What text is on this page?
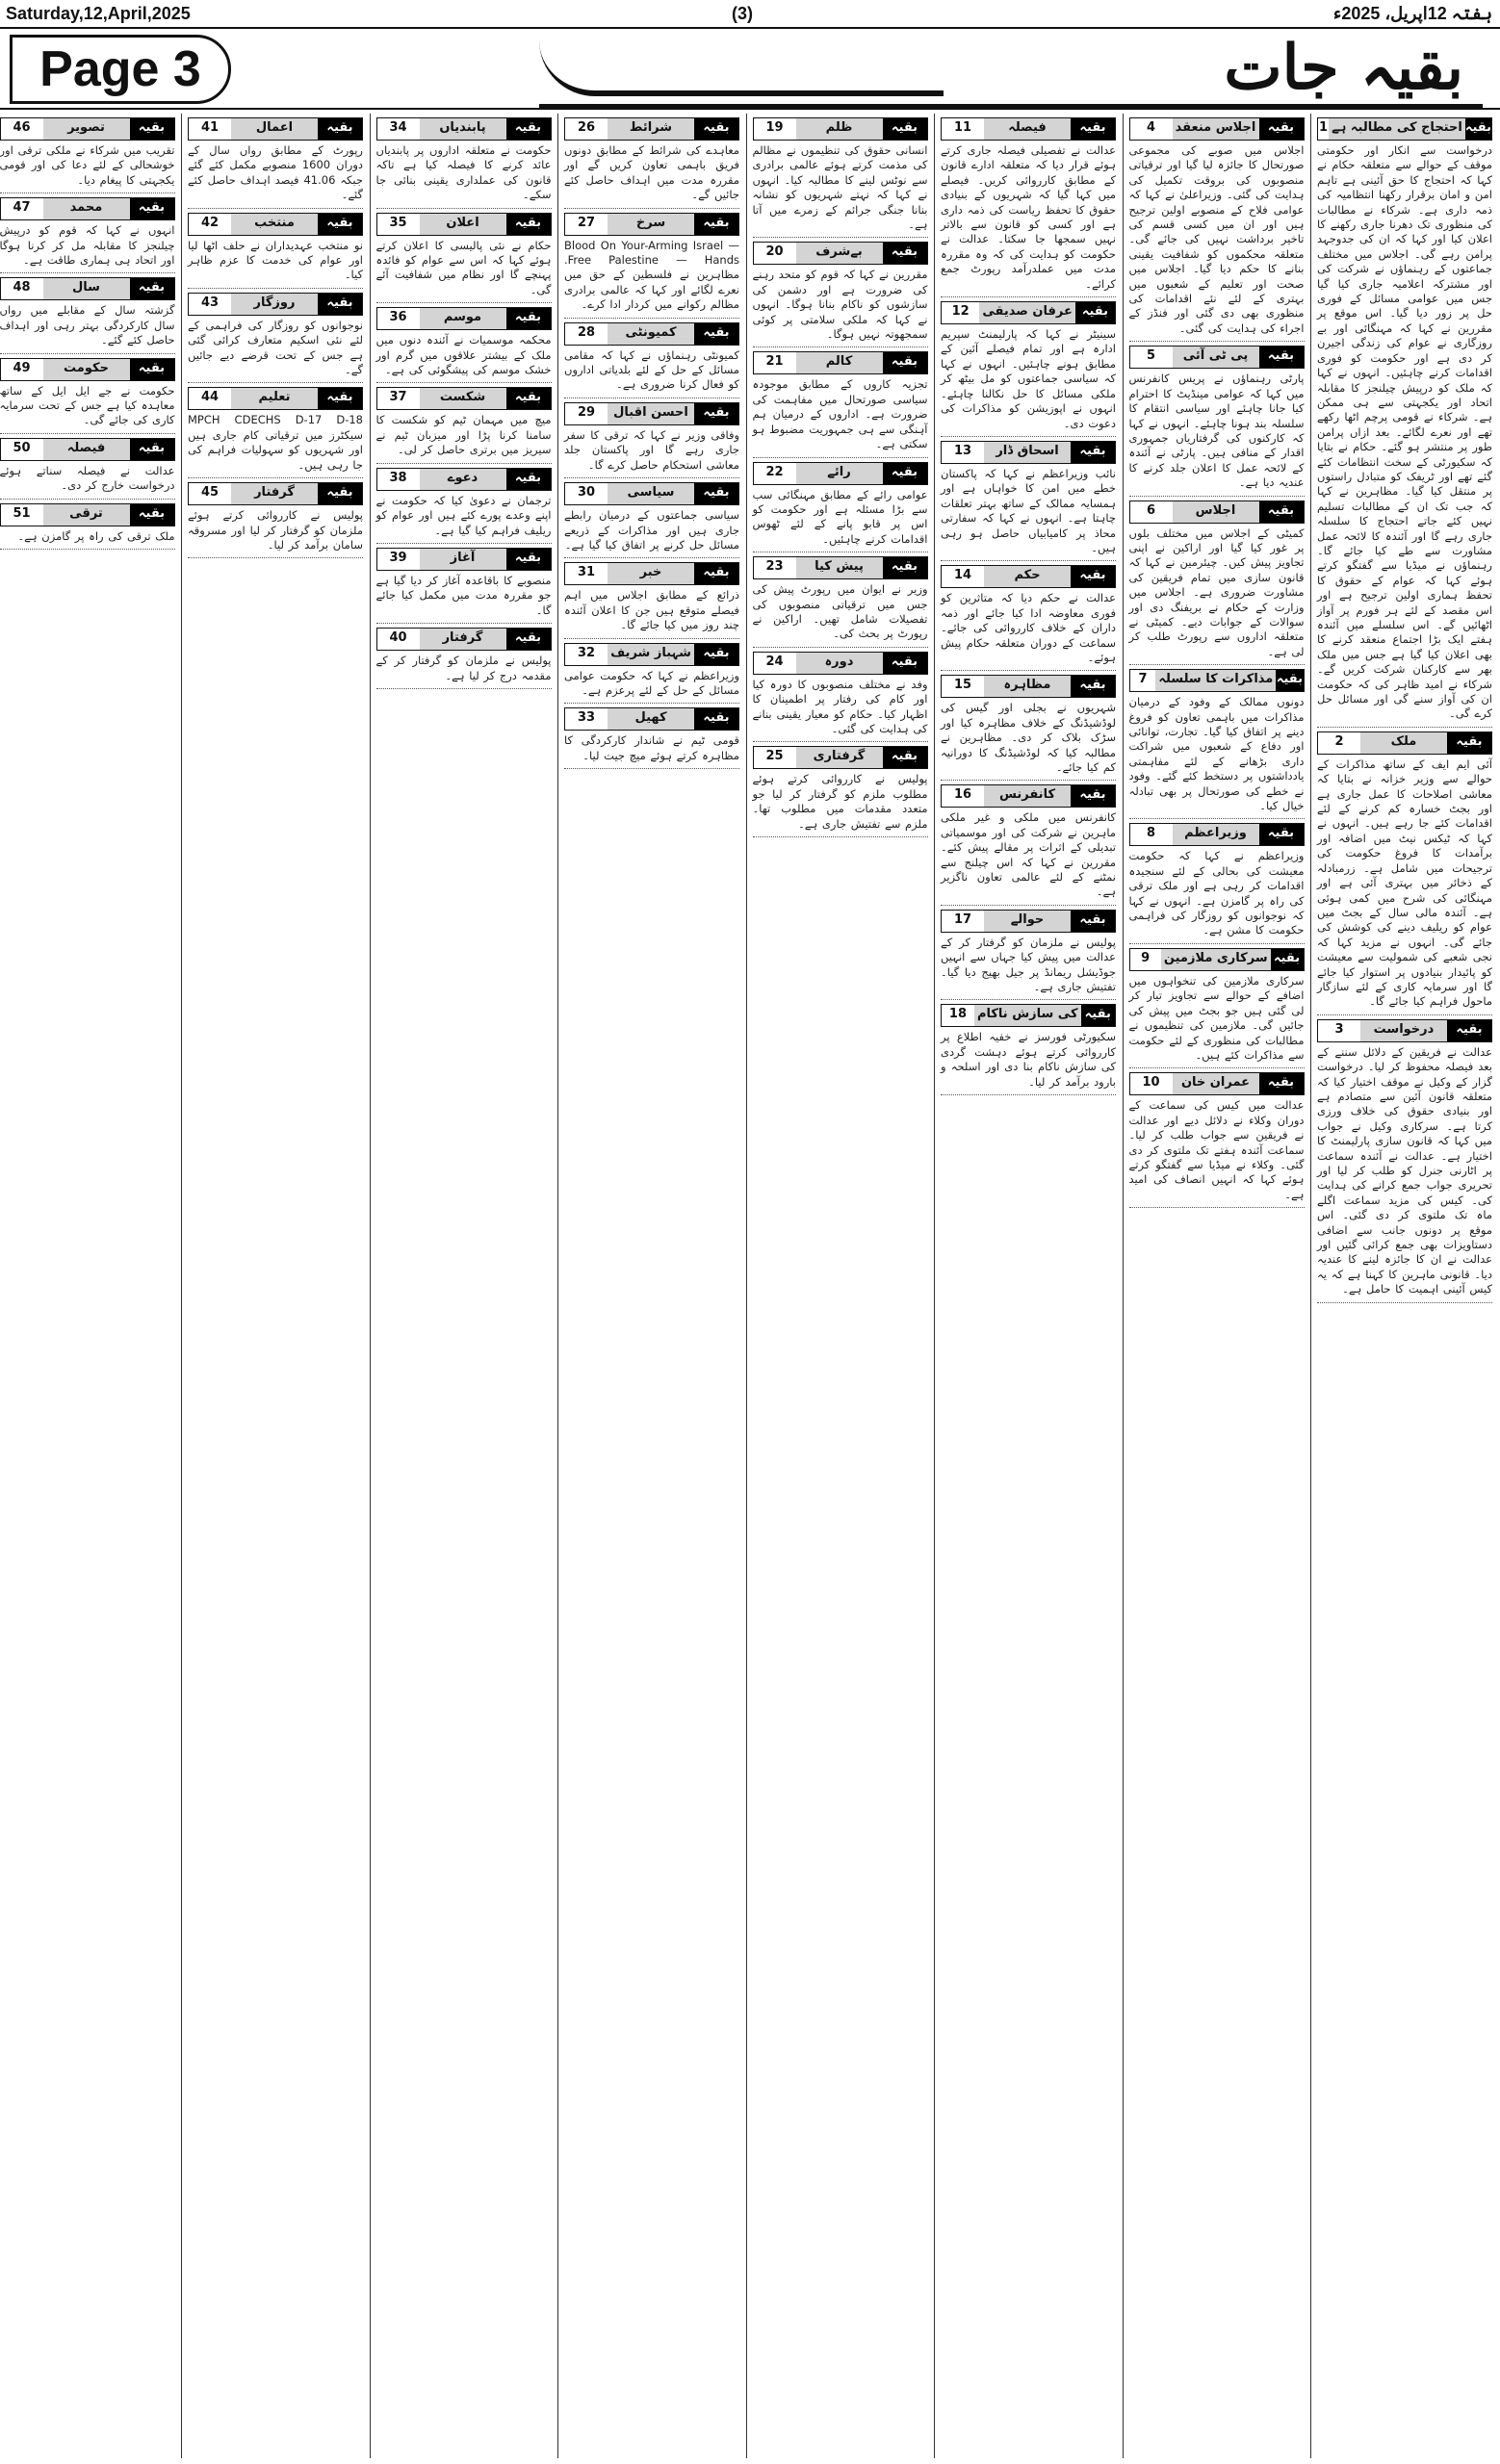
Saturday,12,April,2025	(3)	ہفتہ 12اپریل، 2025ء
Page 3	بقیہ جات
1 احتجاج کی مطالبہ ہے بقیہ

درخواست سے انکار اور حکومتی موقف کے حوالے سے متعلقہ حکام نے کہا کہ احتجاج کا حق آئینی ہے تاہم امن و امان برقرار رکھنا انتظامیہ کی ذمہ داری ہے۔ شرکاء نے مطالبات کی منظوری تک دھرنا جاری رکھنے کا اعلان کیا اور کہا کہ ان کی جدوجہد پرامن رہے گی۔ اجلاس میں مختلف جماعتوں کے رہنماؤں نے شرکت کی اور مشترکہ اعلامیہ جاری کیا گیا جس میں عوامی مسائل کے فوری حل پر زور دیا گیا۔ اس موقع پر مقررین نے کہا کہ مہنگائی اور بے روزگاری نے عوام کی زندگی اجیرن کر دی ہے اور حکومت کو فوری اقدامات کرنے چاہئیں۔ انہوں نے کہا کہ ملک کو درپیش چیلنجز کا مقابلہ اتحاد اور یکجہتی سے ہی ممکن ہے۔ شرکاء نے قومی پرچم اٹھا رکھے تھے اور نعرے لگائے۔ بعد ازاں پرامن طور پر منتشر ہو گئے۔ حکام نے بتایا کہ سکیورٹی کے سخت انتظامات کئے گئے تھے اور ٹریفک کو متبادل راستوں پر منتقل کیا گیا۔ مظاہرین نے کہا کہ جب تک ان کے مطالبات تسلیم نہیں کئے جاتے احتجاج کا سلسلہ جاری رہے گا اور آئندہ کا لائحہ عمل مشاورت سے طے کیا جائے گا۔ رہنماؤں نے میڈیا سے گفتگو کرتے ہوئے کہا کہ عوام کے حقوق کا تحفظ ہماری اولین ترجیح ہے اور اس مقصد کے لئے ہر فورم پر آواز اٹھائیں گے۔ اس سلسلے میں آئندہ ہفتے ایک بڑا اجتماع منعقد کرنے کا بھی اعلان کیا گیا ہے جس میں ملک بھر سے کارکنان شرکت کریں گے۔ شرکاء نے امید ظاہر کی کہ حکومت ان کی آواز سنے گی اور مسائل حل کرے گی۔

2	ملک	بقیہ

آئی ایم ایف کے ساتھ مذاکرات کے حوالے سے وزیر خزانہ نے بتایا کہ معاشی اصلاحات کا عمل جاری ہے اور بجٹ خسارہ کم کرنے کے لئے اقدامات کئے جا رہے ہیں۔ انہوں نے کہا کہ ٹیکس نیٹ میں اضافہ اور برآمدات کا فروغ حکومت کی ترجیحات میں شامل ہے۔ زرمبادلہ کے ذخائر میں بہتری آئی ہے اور مہنگائی کی شرح میں کمی ہوئی ہے۔ آئندہ مالی سال کے بجٹ میں عوام کو ریلیف دینے کی کوشش کی جائے گی۔ انہوں نے مزید کہا کہ نجی شعبے کی شمولیت سے معیشت کو پائیدار بنیادوں پر استوار کیا جائے گا اور سرمایہ کاری کے لئے سازگار ماحول فراہم کیا جائے گا۔

3	درخواست	بقیہ

عدالت نے فریقین کے دلائل سننے کے بعد فیصلہ محفوظ کر لیا۔ درخواست گزار کے وکیل نے موقف اختیار کیا کہ متعلقہ قانون آئین سے متصادم ہے اور بنیادی حقوق کی خلاف ورزی کرتا ہے۔ سرکاری وکیل نے جواب میں کہا کہ قانون سازی پارلیمنٹ کا اختیار ہے۔ عدالت نے آئندہ سماعت پر اٹارنی جنرل کو طلب کر لیا اور تحریری جواب جمع کرانے کی ہدایت کی۔ کیس کی مزید سماعت اگلے ماہ تک ملتوی کر دی گئی۔ اس موقع پر دونوں جانب سے اضافی دستاویزات بھی جمع کرائی گئیں اور عدالت نے ان کا جائزہ لینے کا عندیہ دیا۔ قانونی ماہرین کا کہنا ہے کہ یہ کیس آئینی اہمیت کا حامل ہے۔

4	اجلاس منعقد بقیہ

اجلاس میں صوبے کی مجموعی صورتحال کا جائزہ لیا گیا اور ترقیاتی منصوبوں کی بروقت تکمیل کی ہدایت کی گئی۔ وزیراعلیٰ نے کہا کہ عوامی فلاح کے منصوبے اولین ترجیح ہیں اور ان میں کسی قسم کی تاخیر برداشت نہیں کی جائے گی۔ متعلقہ محکموں کو شفافیت یقینی بنانے کا حکم دیا گیا۔ اجلاس میں صحت اور تعلیم کے شعبوں میں بہتری کے لئے نئے اقدامات کی منظوری بھی دی گئی اور فنڈز کے اجراء کی ہدایت کی گئی۔

5	پی ٹی آئی	بقیہ

پارٹی رہنماؤں نے پریس کانفرنس میں کہا کہ عوامی مینڈیٹ کا احترام کیا جانا چاہئے اور سیاسی انتقام کا سلسلہ بند ہونا چاہئے۔ انہوں نے کہا کہ کارکنوں کی گرفتاریاں جمہوری اقدار کے منافی ہیں۔ پارٹی نے آئندہ کے لائحہ عمل کا اعلان جلد کرنے کا عندیہ دیا ہے۔

6	اجلاس	بقیہ

کمیٹی کے اجلاس میں مختلف بلوں پر غور کیا گیا اور اراکین نے اپنی تجاویز پیش کیں۔ چیئرمین نے کہا کہ قانون سازی میں تمام فریقین کی مشاورت ضروری ہے۔ اجلاس میں وزارت کے حکام نے بریفنگ دی اور سوالات کے جوابات دیے۔ کمیٹی نے متعلقہ اداروں سے رپورٹ طلب کر لی ہے۔

7 مذاکرات کا سلسلہ بقیہ

دونوں ممالک کے وفود کے درمیان مذاکرات میں باہمی تعاون کو فروغ دینے پر اتفاق کیا گیا۔ تجارت، توانائی اور دفاع کے شعبوں میں شراکت داری بڑھانے کے لئے مفاہمتی یادداشتوں پر دستخط کئے گئے۔ وفود نے خطے کی صورتحال پر بھی تبادلہ خیال کیا۔

8	وزیراعظم	بقیہ

وزیراعظم نے کہا کہ حکومت معیشت کی بحالی کے لئے سنجیدہ اقدامات کر رہی ہے اور ملک ترقی کی راہ پر گامزن ہے۔ انہوں نے کہا کہ نوجوانوں کو روزگار کی فراہمی حکومت کا مشن ہے۔

9	سرکاری ملازمین بقیہ

سرکاری ملازمین کی تنخواہوں میں اضافے کے حوالے سے تجاویز تیار کر لی گئی ہیں جو بجٹ میں پیش کی جائیں گی۔ ملازمین کی تنظیموں نے مطالبات کی منظوری کے لئے حکومت سے مذاکرات کئے ہیں۔

10	عمران خان	بقیہ

عدالت میں کیس کی سماعت کے دوران وکلاء نے دلائل دیے اور عدالت نے فریقین سے جواب طلب کر لیا۔ سماعت آئندہ ہفتے تک ملتوی کر دی گئی۔ وکلاء نے میڈیا سے گفتگو کرتے ہوئے کہا کہ انہیں انصاف کی امید ہے۔

11	فیصلہ	بقیہ

عدالت نے تفصیلی فیصلہ جاری کرتے ہوئے قرار دیا کہ متعلقہ ادارے قانون کے مطابق کارروائی کریں۔ فیصلے میں کہا گیا کہ شہریوں کے بنیادی حقوق کا تحفظ ریاست کی ذمہ داری ہے اور کسی کو قانون سے بالاتر نہیں سمجھا جا سکتا۔ عدالت نے حکومت کو ہدایت کی کہ وہ مقررہ مدت میں عملدرآمد رپورٹ جمع کرائے۔

12	عرفان صدیقی بقیہ

سینیٹر نے کہا کہ پارلیمنٹ سپریم ادارہ ہے اور تمام فیصلے آئین کے مطابق ہونے چاہئیں۔ انہوں نے کہا کہ سیاسی جماعتوں کو مل بیٹھ کر ملکی مسائل کا حل نکالنا چاہئے۔ انہوں نے اپوزیشن کو مذاکرات کی دعوت دی۔

13	اسحاق ڈار	بقیہ

نائب وزیراعظم نے کہا کہ پاکستان خطے میں امن کا خواہاں ہے اور ہمسایہ ممالک کے ساتھ بہتر تعلقات چاہتا ہے۔ انہوں نے کہا کہ سفارتی محاذ پر کامیابیاں حاصل ہو رہی ہیں۔

14	حکم	بقیہ

عدالت نے حکم دیا کہ متاثرین کو فوری معاوضہ ادا کیا جائے اور ذمہ داران کے خلاف کارروائی کی جائے۔ سماعت کے دوران متعلقہ حکام پیش ہوئے۔

15	مظاہرہ	بقیہ

شہریوں نے بجلی اور گیس کی لوڈشیڈنگ کے خلاف مظاہرہ کیا اور سڑک بلاک کر دی۔ مظاہرین نے مطالبہ کیا کہ لوڈشیڈنگ کا دورانیہ کم کیا جائے۔

16	کانفرنس	بقیہ

کانفرنس میں ملکی و غیر ملکی ماہرین نے شرکت کی اور موسمیاتی تبدیلی کے اثرات پر مقالے پیش کئے۔ مقررین نے کہا کہ اس چیلنج سے نمٹنے کے لئے عالمی تعاون ناگزیر ہے۔

17	حوالے	بقیہ

پولیس نے ملزمان کو گرفتار کر کے عدالت میں پیش کیا جہاں سے انہیں جوڈیشل ریمانڈ پر جیل بھیج دیا گیا۔ تفتیش جاری ہے۔

18 کی سازش ناکام بقیہ

سکیورٹی فورسز نے خفیہ اطلاع پر کارروائی کرتے ہوئے دہشت گردی کی سازش ناکام بنا دی اور اسلحہ و بارود برآمد کر لیا۔

19	ظلم	بقیہ

انسانی حقوق کی تنظیموں نے مظالم کی مذمت کرتے ہوئے عالمی برادری سے نوٹس لینے کا مطالبہ کیا۔ انہوں نے کہا کہ نہتے شہریوں کو نشانہ بنانا جنگی جرائم کے زمرے میں آتا ہے۔

20	بےشرف	بقیہ

مقررین نے کہا کہ قوم کو متحد رہنے کی ضرورت ہے اور دشمن کی سازشوں کو ناکام بنانا ہوگا۔ انہوں نے کہا کہ ملکی سلامتی پر کوئی سمجھوتہ نہیں ہوگا۔

21	کالم	بقیہ

تجزیہ کاروں کے مطابق موجودہ سیاسی صورتحال میں مفاہمت کی ضرورت ہے۔ اداروں کے درمیان ہم آہنگی سے ہی جمہوریت مضبوط ہو سکتی ہے۔

22	رائے	بقیہ

عوامی رائے کے مطابق مہنگائی سب سے بڑا مسئلہ ہے اور حکومت کو اس پر قابو پانے کے لئے ٹھوس اقدامات کرنے چاہئیں۔

23	پیش کیا	بقیہ

وزیر نے ایوان میں رپورٹ پیش کی جس میں ترقیاتی منصوبوں کی تفصیلات شامل تھیں۔ اراکین نے رپورٹ پر بحث کی۔

24	دورہ	بقیہ

وفد نے مختلف منصوبوں کا دورہ کیا اور کام کی رفتار پر اطمینان کا اظہار کیا۔ حکام کو معیار یقینی بنانے کی ہدایت کی گئی۔

25	گرفتاری	بقیہ

پولیس نے کارروائی کرتے ہوئے مطلوب ملزم کو گرفتار کر لیا جو متعدد مقدمات میں مطلوب تھا۔ ملزم سے تفتیش جاری ہے۔

26	شرائط	بقیہ

معاہدے کی شرائط کے مطابق دونوں فریق باہمی تعاون کریں گے اور مقررہ مدت میں اہداف حاصل کئے جائیں گے۔

27	سرخ	بقیہ

Blood On Your-Arming Israel — Free Palestine — Hands. مظاہرین نے فلسطین کے حق میں نعرے لگائے اور کہا کہ عالمی برادری مظالم رکوانے میں کردار ادا کرے۔

28	کمیونٹی	بقیہ

کمیونٹی رہنماؤں نے کہا کہ مقامی مسائل کے حل کے لئے بلدیاتی اداروں کو فعال کرنا ضروری ہے۔

29	احسن اقبال	بقیہ

وفاقی وزیر نے کہا کہ ترقی کا سفر جاری رہے گا اور پاکستان جلد معاشی استحکام حاصل کرے گا۔

30	سیاسی	بقیہ

سیاسی جماعتوں کے درمیان رابطے جاری ہیں اور مذاکرات کے ذریعے مسائل حل کرنے پر اتفاق کیا گیا ہے۔

31	خبر	بقیہ

ذرائع کے مطابق اجلاس میں اہم فیصلے متوقع ہیں جن کا اعلان آئندہ چند روز میں کیا جائے گا۔

32	شہباز شریف بقیہ

وزیراعظم نے کہا کہ حکومت عوامی مسائل کے حل کے لئے پرعزم ہے۔

33	کھیل	بقیہ

قومی ٹیم نے شاندار کارکردگی کا مظاہرہ کرتے ہوئے میچ جیت لیا۔

34	پابندیاں	بقیہ

حکومت نے متعلقہ اداروں پر پابندیاں عائد کرنے کا فیصلہ کیا ہے تاکہ قانون کی عملداری یقینی بنائی جا سکے۔

35	اعلان	بقیہ

حکام نے نئی پالیسی کا اعلان کرتے ہوئے کہا کہ اس سے عوام کو فائدہ پہنچے گا اور نظام میں شفافیت آئے گی۔

36	موسم	بقیہ

محکمہ موسمیات نے آئندہ دنوں میں ملک کے بیشتر علاقوں میں گرم اور خشک موسم کی پیشگوئی کی ہے۔

37	شکست	بقیہ

میچ میں مہمان ٹیم کو شکست کا سامنا کرنا پڑا اور میزبان ٹیم نے سیریز میں برتری حاصل کر لی۔

38	دعوے	بقیہ

ترجمان نے دعویٰ کیا کہ حکومت نے اپنے وعدے پورے کئے ہیں اور عوام کو ریلیف فراہم کیا گیا ہے۔

39	آغاز	بقیہ

منصوبے کا باقاعدہ آغاز کر دیا گیا ہے جو مقررہ مدت میں مکمل کیا جائے گا۔

40	گرفتار	بقیہ

پولیس نے ملزمان کو گرفتار کر کے مقدمہ درج کر لیا ہے۔

41	اعمال	بقیہ

رپورٹ کے مطابق رواں سال کے دوران 1600 منصوبے مکمل کئے گئے جبکہ 41.06 فیصد اہداف حاصل کئے گئے۔

42	منتخب	بقیہ

نو منتخب عہدیداران نے حلف اٹھا لیا اور عوام کی خدمت کا عزم ظاہر کیا۔

43	روزگار	بقیہ

نوجوانوں کو روزگار کی فراہمی کے لئے نئی اسکیم متعارف کرائی گئی ہے جس کے تحت قرضے دیے جائیں گے۔

44	تعلیم	بقیہ

MPCH CDECHS D-17 D-18 سیکٹرز میں ترقیاتی کام جاری ہیں اور شہریوں کو سہولیات فراہم کی جا رہی ہیں۔

45	گرفتار	بقیہ

پولیس نے کارروائی کرتے ہوئے ملزمان کو گرفتار کر لیا اور مسروقہ سامان برآمد کر لیا۔

46	تصویر	بقیہ

تقریب میں شرکاء نے ملکی ترقی اور خوشحالی کے لئے دعا کی اور قومی یکجہتی کا پیغام دیا۔

47	محمد	بقیہ

انہوں نے کہا کہ قوم کو درپیش چیلنجز کا مقابلہ مل کر کرنا ہوگا اور اتحاد ہی ہماری طاقت ہے۔

48	سال	بقیہ

گزشتہ سال کے مقابلے میں رواں سال کارکردگی بہتر رہی اور اہداف حاصل کئے گئے۔

49	حکومت	بقیہ

حکومت نے جے ایل ایل کے ساتھ معاہدہ کیا ہے جس کے تحت سرمایہ کاری کی جائے گی۔

50	فیصلہ	بقیہ

عدالت نے فیصلہ سناتے ہوئے درخواست خارج کر دی۔

51	ترقی	بقیہ

ملک ترقی کی راہ پر گامزن ہے۔
